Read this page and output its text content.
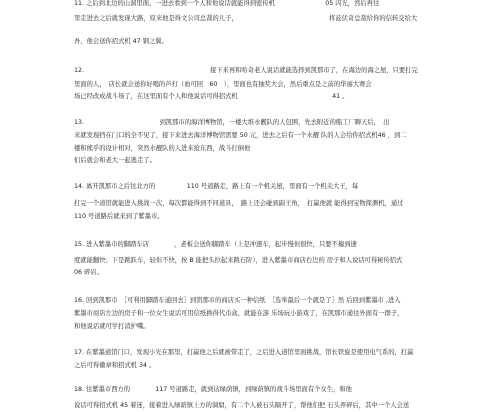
11. 之后到北边的山洞里面，一进去看到一个人和他说话就能得到密传机　　　　　　　　05 闪光，然后再往

里走进去之后就发现大路，原来他是得文公司总裁的儿子，　　　　　　　　　　　　　　　将兹伏奇总裁给你的信转交给大

吾，他会送你招式机 47 钢之翼。

12.　　　　　　　　　　　　　　　　　　　　接下来再和哈奇老人说话就能选择到凯那市了，在海边的海之屋，只要打完

里面的人，　店长就会送你好喝的芦打（血可回　60　），里面也有抽奖大会，然后重点是之前的华丽大赛会

场已经改成战斗场了，在这里面有个人和他说话可得招式机　　　　　　　　　　　　　　　41 。

13.　　　　　　　　　　　　到凯那市的海洋博物馆，一楼大堆水靓队的人包围，先去附近的船工厂聊天后，　出

来就发现挡在门口的全不见了，接下来进去海洋博物馆需要 50 元，进去之后有一个水靓 队的人会给你招式机46 ，到二

楼和熊乎的设计相对，突然水靓队的人进来抢东西，战斗打倒他

们后就会和老大一起逃走了。

14. 离开凯那市之后往北方的　　　　　110 号道路走，路上有一个机关屋，里面有一个机关大王，每

打完一个道馆就能进入挑战一次，每次都能得到不同道具，　路上还会碰到副王角，　打赢他就 能得到宝物探测机，通过

110 号道路后就来到了紫墨市。

15. 进入紫墨市的脚踏车店　　　　，老板会送你脚踏车（上是冲速车，起步慢但很快，只要不撞到速

度就能翻快；下是跳跃车，轻但不快，按 B 能把头拉起来跳石阶），进入紫墨市商店右边的 房子和人说话可得秘传招式

06 碎岩。

16. 回到凯那市　［可利用脚踏车通回去］到凯那市的商店买一种信纸　［选举最后一个就是了］然 后回到紫墨市 ,进入

紫墨市商店左边的房子和一位女生说话可用信纸换得代币盒，就能在游 乐场玩小游戏了，在凯那市通往外面有一群子，

和他说话就可学打消护嘴。

17. 在紫墨道馆门口，发现小光在那里，打赢他之后就被带走了，之后进入道馆里面挑战，馆长铁旋是使用电气系的，打赢

之后可得徽章和招式机 34 。

18. 往紫墨市西方的　　　　117 号道路走，就到达绿荫镇，到绿荫镇的战斗场里面有个女生，和他

说话可得招式机 45 着迷，接着进入绿荫镇上方的洞窟，有二个人被石头隔开了，帮他们把 石头弄碎后，其中一个人会送
